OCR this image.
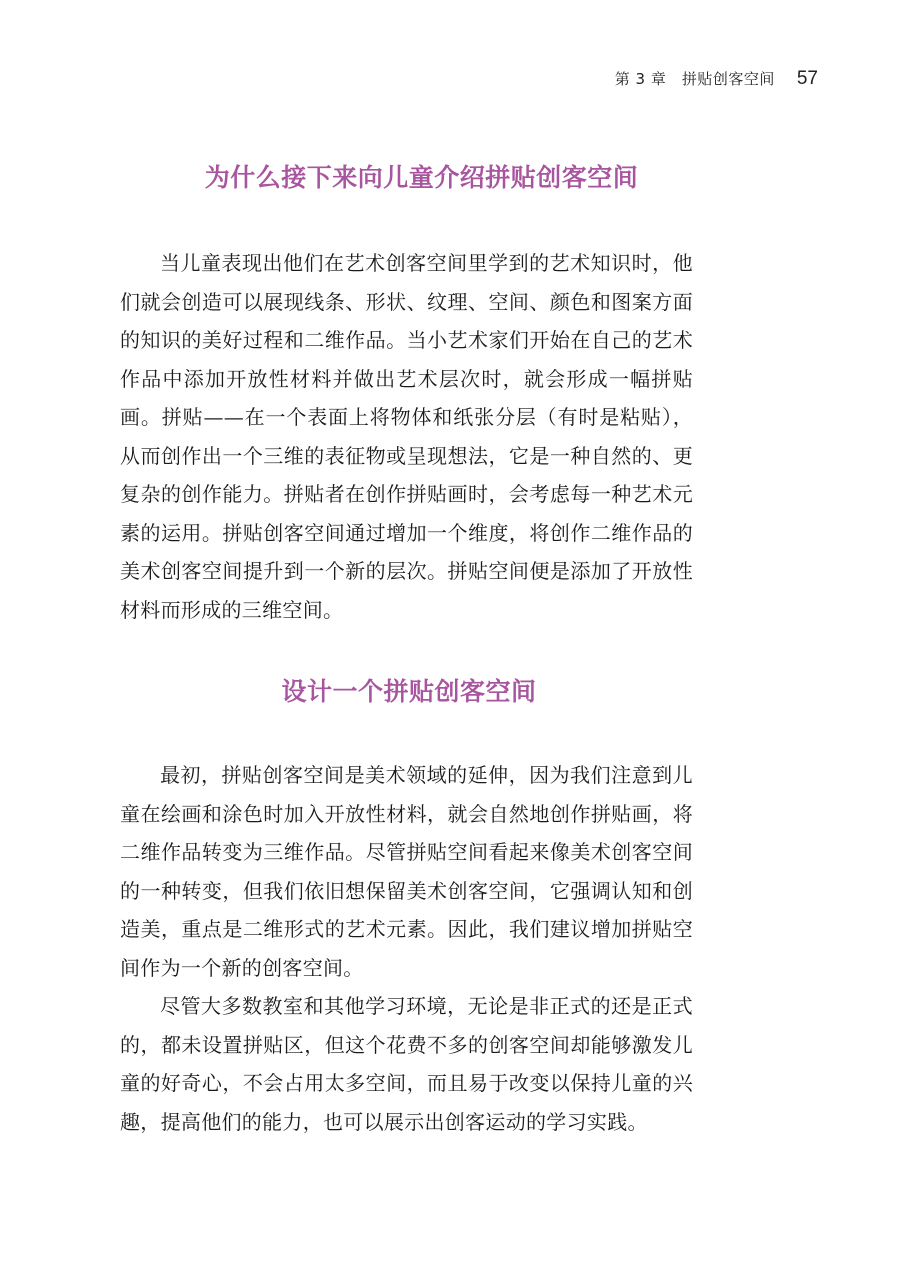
第 3 章　拼贴创客空间 57
为什么接下来向儿童介绍拼贴创客空间

当儿童表现出他们在艺术创客空间里学到的艺术知识时，他们就会创造可以展现线条、形状、纹理、空间、颜色和图案方面的知识的美好过程和二维作品。当小艺术家们开始在自己的艺术作品中添加开放性材料并做出艺术层次时，就会形成一幅拼贴画。拼贴——在一个表面上将物体和纸张分层（有时是粘贴），从而创作出一个三维的表征物或呈现想法，它是一种自然的、更复杂的创作能力。拼贴者在创作拼贴画时，会考虑每一种艺术元素的运用。拼贴创客空间通过增加一个维度，将创作二维作品的美术创客空间提升到一个新的层次。拼贴空间便是添加了开放性材料而形成的三维空间。

设计一个拼贴创客空间

最初，拼贴创客空间是美术领域的延伸，因为我们注意到儿童在绘画和涂色时加入开放性材料，就会自然地创作拼贴画，将二维作品转变为三维作品。尽管拼贴空间看起来像美术创客空间的一种转变，但我们依旧想保留美术创客空间，它强调认知和创造美，重点是二维形式的艺术元素。因此，我们建议增加拼贴空间作为一个新的创客空间。

尽管大多数教室和其他学习环境，无论是非正式的还是正式的，都未设置拼贴区，但这个花费不多的创客空间却能够激发儿童的好奇心，不会占用太多空间，而且易于改变以保持儿童的兴趣，提高他们的能力，也可以展示出创客运动的学习实践。
